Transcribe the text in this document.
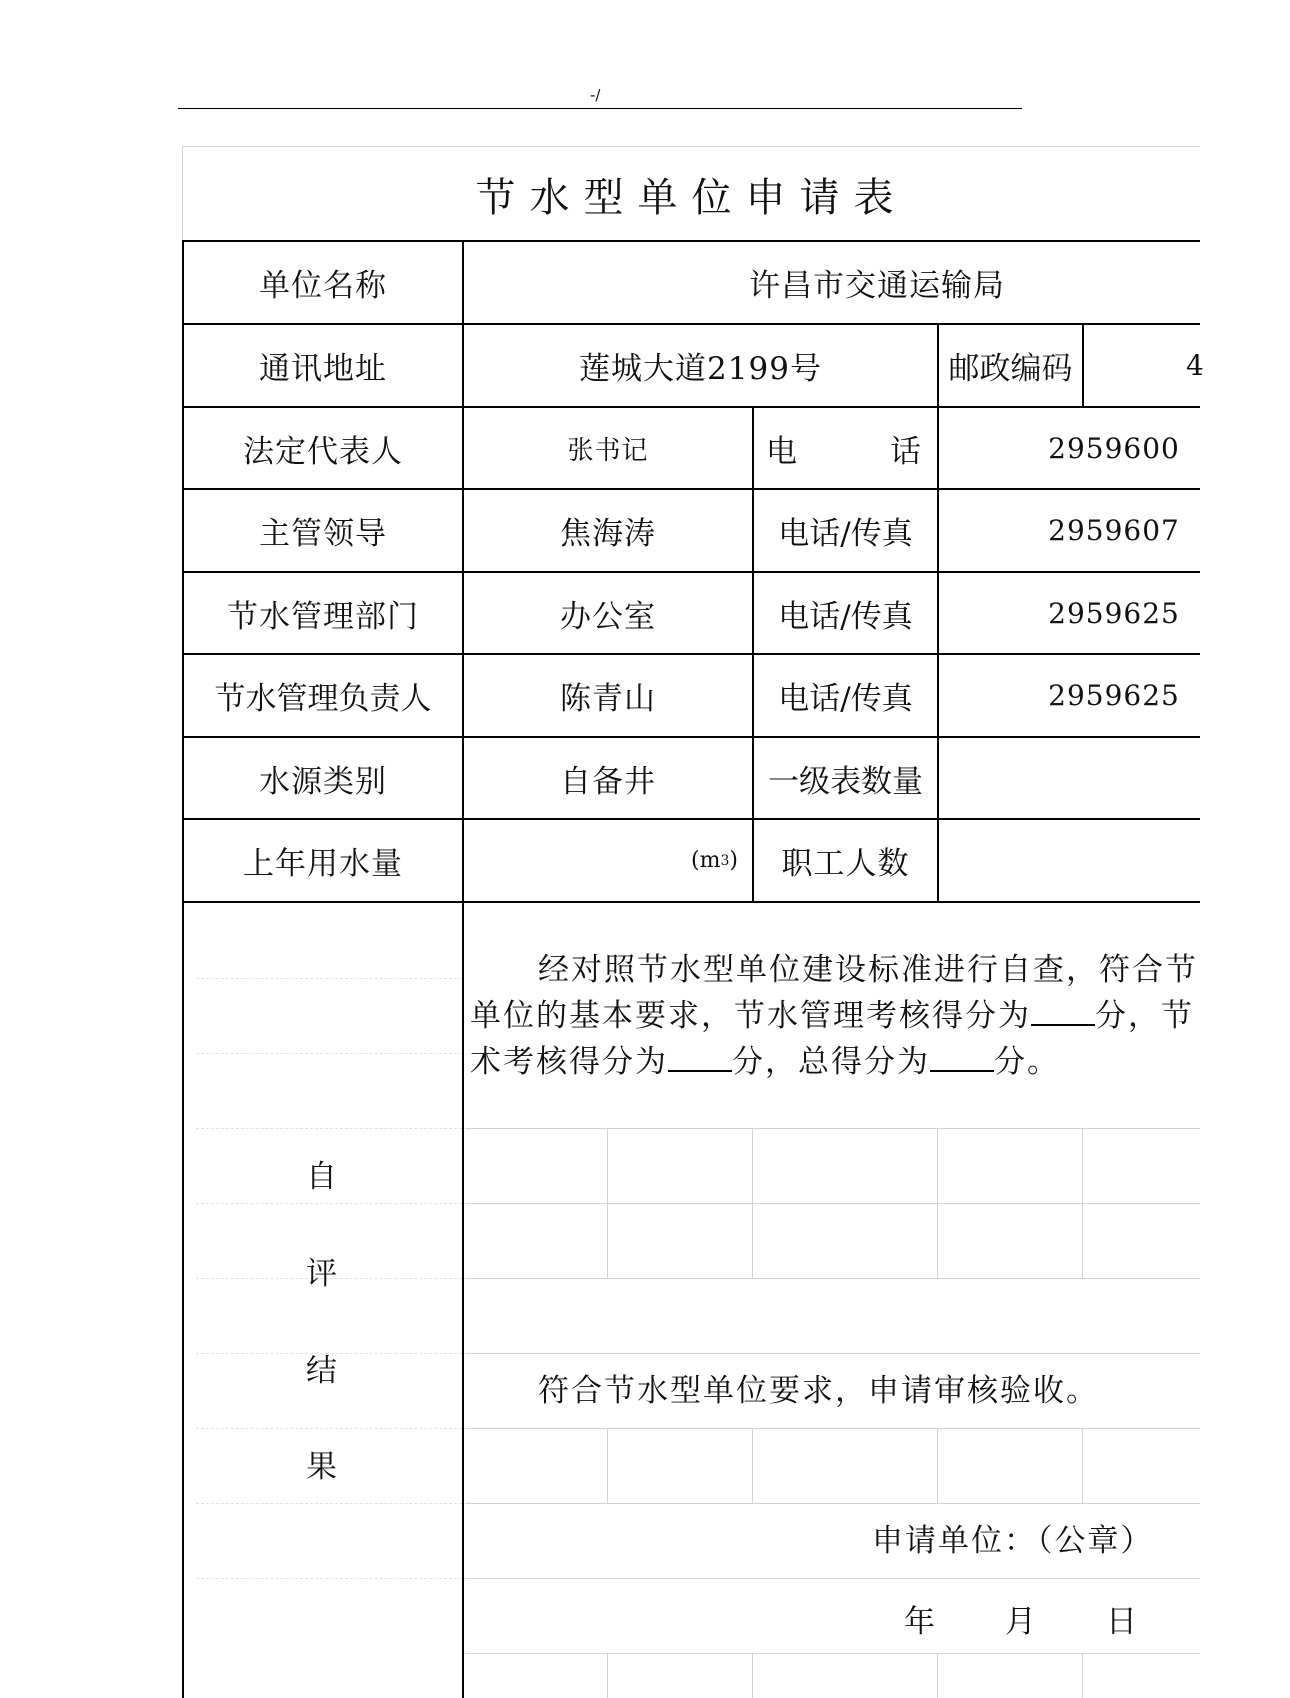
-/
节水型单位申请表
单位名称	许昌市交通运输局
通讯地址	莲城大道2199号	邮政编码	4
法定代表人	张书记	电	话	2959600
主管领导	焦海涛	电话/传真	2959607
节水管理部门	办公室	电话/传真	2959625
节水管理负责人	陈青山	电话/传真	2959625
水源类别	自备井	一级表数量
上年用水量	( m 3 )	职工人数
自
评
结
果
经对照节水型单位建设标准进行自查，符合节
单位的基本要求，节水管理考核得分为 分，节
术考核得分为 分，总得分为 分。
符合节水型单位要求，申请审核验收。
申请单位：（公章）
年 月 日
